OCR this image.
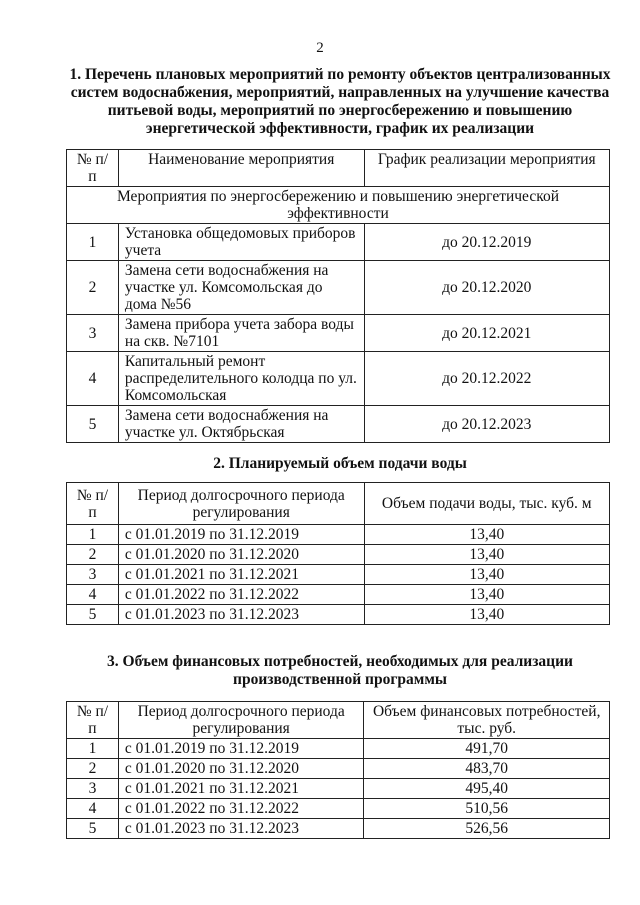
2
1. Перечень плановых мероприятий по ремонту объектов централизованных систем водоснабжения, мероприятий, направленных на улучшение качества питьевой воды, мероприятий по энергосбережению и повышению энергетической эффективности, график их реализации
№ п/п	Наименование мероприятия	График реализации мероприятия
Мероприятия по энергосбережению и повышению энергетической эффективности		
1	Установка общедомовых приборов учета	до 20.12.2019
2	Замена сети водоснабжения на участке ул. Комсомольская до дома №56	до 20.12.2020
3	Замена прибора учета забора воды на скв. №7101	до 20.12.2021
4	Капитальный ремонт распределительного колодца по ул. Комсомольская	до 20.12.2022
5	Замена сети водоснабжения на участке ул. Октябрьская	до 20.12.2023
2. Планируемый объем подачи воды
№ п/п	Период долгосрочного периода регулирования	Объем подачи воды, тыс. куб. м
1	с 01.01.2019 по 31.12.2019	13,40
2	с 01.01.2020 по 31.12.2020	13,40
3	с 01.01.2021 по 31.12.2021	13,40
4	с 01.01.2022 по 31.12.2022	13,40
5	с 01.01.2023 по 31.12.2023	13,40
3. Объем финансовых потребностей, необходимых для реализации производственной программы
№ п/п	Период долгосрочного периода регулирования	Объем финансовых потребностей, тыс. руб.
1	с 01.01.2019 по 31.12.2019	491,70
2	с 01.01.2020 по 31.12.2020	483,70
3	с 01.01.2021 по 31.12.2021	495,40
4	с 01.01.2022 по 31.12.2022	510,56
5	с 01.01.2023 по 31.12.2023	526,56
